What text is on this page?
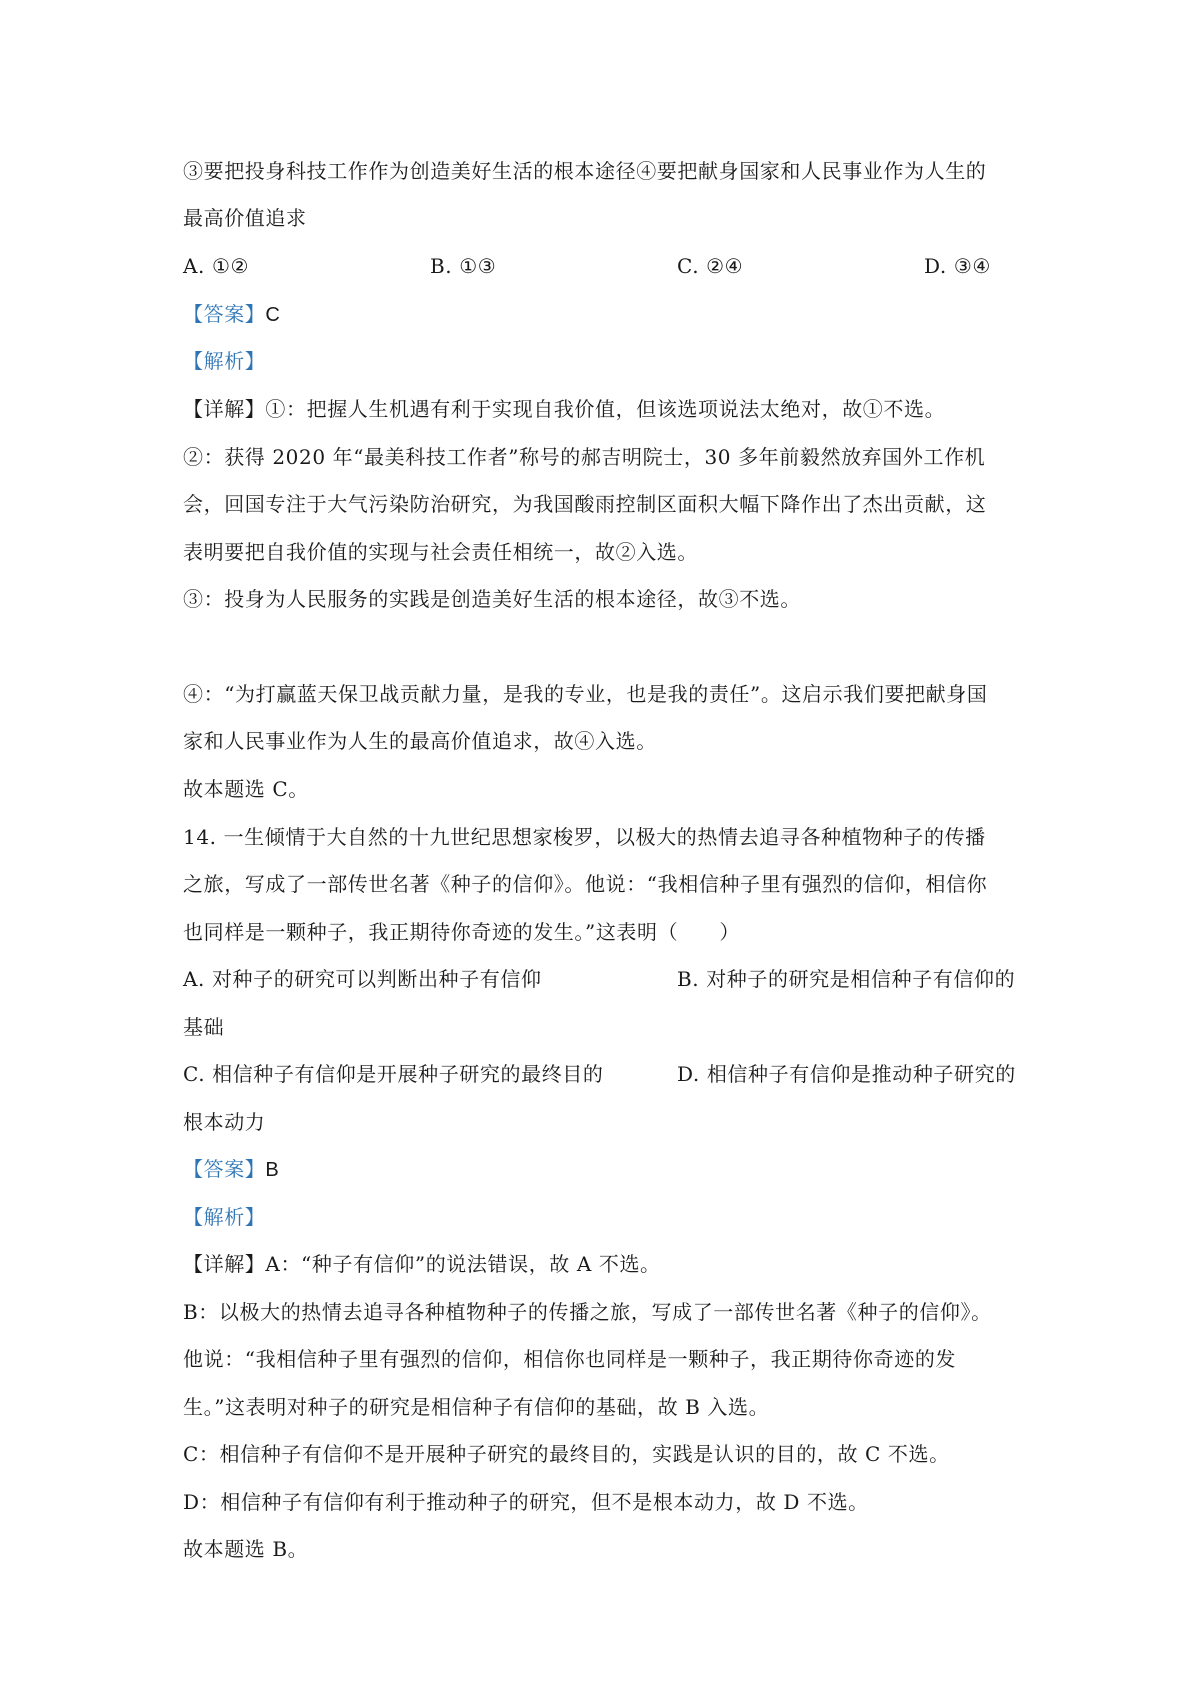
③要把投身科技工作作为创造美好生活的根本途径④要把献身国家和人民事业作为人生的
最高价值追求
A. ①②	B. ①③	C. ②④	D. ③④
【答案】C
【解析】
【详解】①：把握人生机遇有利于实现自我价值，但该选项说法太绝对，故①不选。
②：获得 2020 年“最美科技工作者”称号的郝吉明院士，30 多年前毅然放弃国外工作机
会，回国专注于大气污染防治研究，为我国酸雨控制区面积大幅下降作出了杰出贡献，这
表明要把自我价值的实现与社会责任相统一，故②入选。
③：投身为人民服务的实践是创造美好生活的根本途径，故③不选。
④：“为打赢蓝天保卫战贡献力量，是我的专业，也是我的责任”。这启示我们要把献身国
家和人民事业作为人生的最高价值追求，故④入选。
故本题选 C。
14. 一生倾情于大自然的十九世纪思想家梭罗，以极大的热情去追寻各种植物种子的传播
之旅，写成了一部传世名著《种子的信仰》。他说：“我相信种子里有强烈的信仰，相信你
也同样是一颗种子，我正期待你奇迹的发生。”这表明（　　）
A. 对种子的研究可以判断出种子有信仰	B. 对种子的研究是相信种子有信仰的
基础
C. 相信种子有信仰是开展种子研究的最终目的	D. 相信种子有信仰是推动种子研究的
根本动力
【答案】B
【解析】
【详解】A：“种子有信仰”的说法错误，故 A 不选。
B：以极大的热情去追寻各种植物种子的传播之旅，写成了一部传世名著《种子的信仰》。
他说：“我相信种子里有强烈的信仰，相信你也同样是一颗种子，我正期待你奇迹的发
生。”这表明对种子的研究是相信种子有信仰的基础，故 B 入选。
C：相信种子有信仰不是开展种子研究的最终目的，实践是认识的目的，故 C 不选。
D：相信种子有信仰有利于推动种子的研究，但不是根本动力，故 D 不选。
故本题选 B。
